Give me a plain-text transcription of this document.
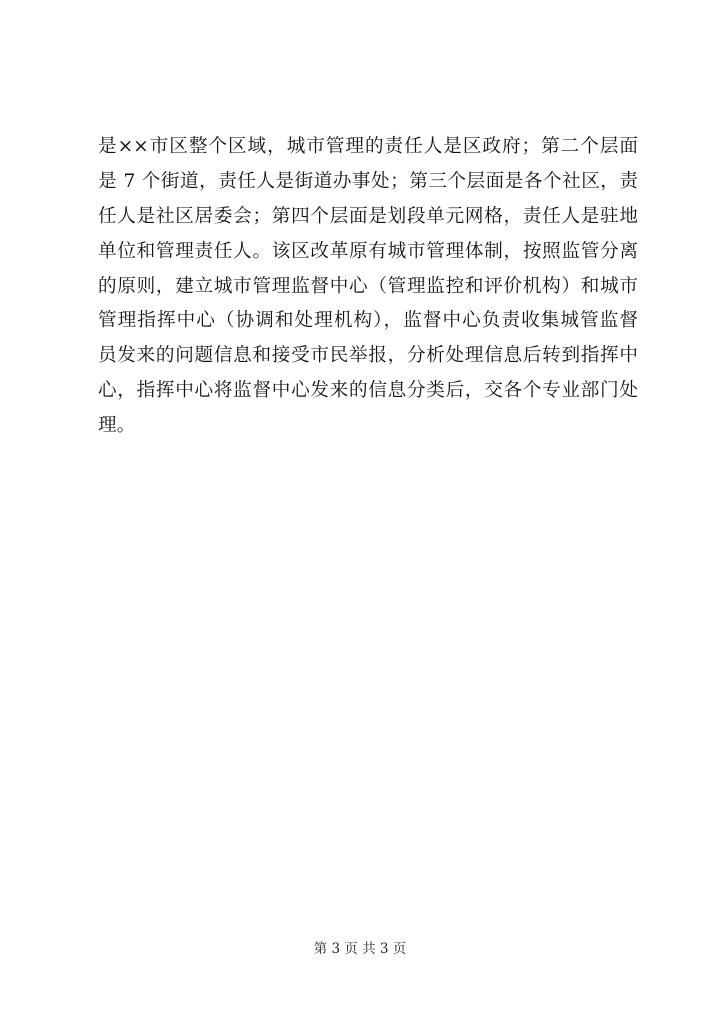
是××市区整个区域，城市管理的责任人是区政府；第二个层面
是 7 个街道，责任人是街道办事处；第三个层面是各个社区，责
任人是社区居委会；第四个层面是划段单元网格，责任人是驻地
单位和管理责任人。该区改革原有城市管理体制，按照监管分离
的原则，建立城市管理监督中心（管理监控和评价机构）和城市
管理指挥中心（协调和处理机构），监督中心负责收集城管监督
员发来的问题信息和接受市民举报，分析处理信息后转到指挥中
心，指挥中心将监督中心发来的信息分类后，交各个专业部门处
理。
第 3 页 共 3 页
